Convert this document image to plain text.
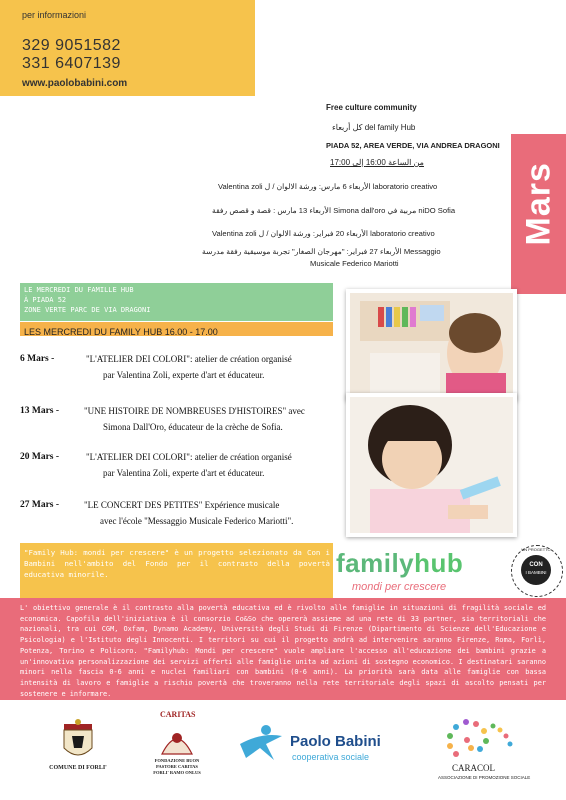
per informazioni
329 9051582
331 6407139
www.paolobabini.com
Mars
Free culture community
كل أربعاء del family Hub
PIADA 52, AREA VERDE, VIA ANDREA DRAGONI
من الساعة 16:00 إلى 17:00
Valentina zoli الأربعاء 6 مارس: ورشة الالوان / ل laboratorio creativo
الأربعاء 13 مارس : قصة و قصص رفقة Simona dall'oro مربية في niDO Sofia
Valentina zoli الأربعاء 20 فبراير: ورشة الالوان / ل laboratorio creativo
الأربعاء 27 فبراير: "مهرجان الصغار" تجربة موسيقية رفقة مدرسة Messaggio
Musicale Federico Mariotti
LE MERCREDI DU FAMILLE HUB
À PIADA 52
ZONE VERTE PARC DE VIA DRAGONI
LES MERCREDI DU FAMILY HUB 16.00 - 17.00
6 Mars -	"L'ATELIER DEI COLORI": atelier de création organisé
par Valentina Zoli, experte d'art et éducateur.
13 Mars -	"UNE HISTOIRE DE NOMBREUSES D'HISTOIRES" avec
Simona Dall'Oro, éducateur de la crèche de Sofia.
20 Mars -	"L'ATELIER DEI COLORI": atelier de création organisé
par Valentina Zoli, experte d'art et éducateur.
27 Mars -	"LE CONCERT DES PETITES" Expérience musicale
avec l'école "Messaggio Musicale Federico Mariotti".
"Family Hub: mondi per crescere" è un progetto selezionato da Con i Bambini nell'ambito del Fondo per il contrasto della povertà educativa minorile.	familyhub
mondi per crescere
UN PROGETTO
CON
I BAMBINI
L' obiettivo generale è il contrasto alla povertà educativa ed è rivolto alle famiglie in situazioni di fragilità sociale ed economica. Capofila dell'iniziativa è il consorzio Co&So che opererà assieme ad una rete di 33 partner, sia territoriali che nazionali, tra cui CGM, Oxfam, Dynamo Academy, Università degli Studi di Firenze (Dipartimento di Scienze dell'Educazione e Psicologia) e l'Istituto degli Innocenti. I territori su cui il progetto andrà ad intervenire saranno Firenze, Roma, Forlì, Potenza, Torino e Policoro. "Familyhub: Mondi per crescere" vuole ampliare l'accesso all'educazione dei bambini grazie a un'innovativa personalizzazione dei servizi offerti alle famiglie unita ad azioni di sostegno economico. I destinatari saranno minori nella fascia 0-6 anni e nuclei familiari con bambini (0-6 anni). La priorità sarà data alle famiglie con bassa intensità di lavoro e famiglie a rischio povertà che troveranno nella rete territoriale degli spazi di ascolto pensati per sostenere e informare.
COMUNE DI FORLI'
CARITAS
FONDAZIONE BUON PASTORE CARITAS FORLI' RAMO ONLUS
Paolo Babini
cooperativa sociale
CARACOL
ASSOCIAZIONE DI PROMOZIONE SOCIALE
